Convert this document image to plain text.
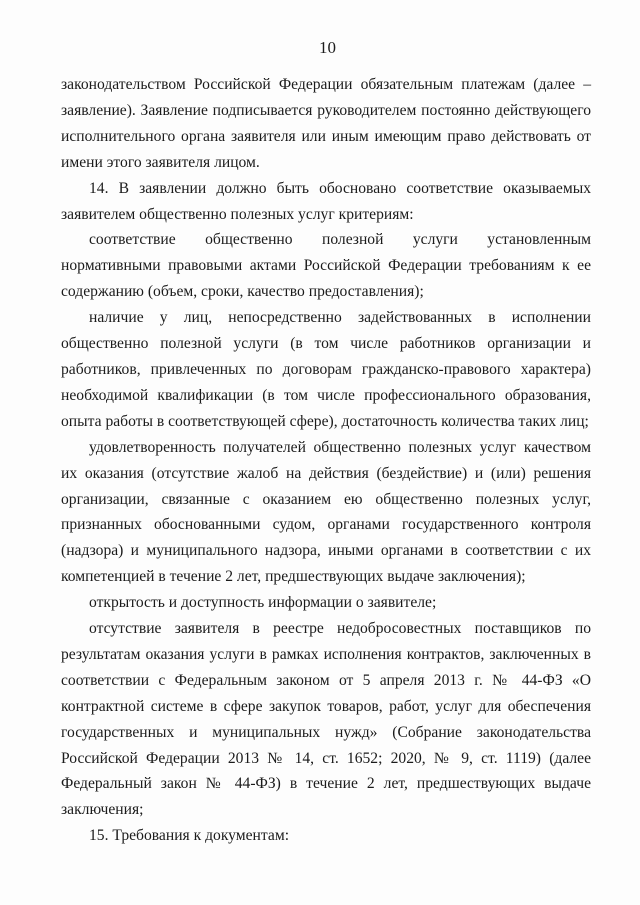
10

законодательством Российской Федерации обязательным платежам (далее – заявление). Заявление подписывается руководителем постоянно действующего исполнительного органа заявителя или иным имеющим право действовать от имени этого заявителя лицом.

14. В заявлении должно быть обосновано соответствие оказываемых заявителем общественно полезных услуг критериям:

соответствие общественно полезной услуги установленным нормативными правовыми актами Российской Федерации требованиям к ее содержанию (объем, сроки, качество предоставления);

наличие у лиц, непосредственно задействованных в исполнении общественно полезной услуги (в том числе работников организации и работников, привлеченных по договорам гражданско-правового характера) необходимой квалификации (в том числе профессионального образования, опыта работы в соответствующей сфере), достаточность количества таких лиц;

удовлетворенность получателей общественно полезных услуг качеством их оказания (отсутствие жалоб на действия (бездействие) и (или) решения организации, связанные с оказанием ею общественно полезных услуг, признанных обоснованными судом, органами государственного контроля (надзора) и муниципального надзора, иными органами в соответствии с их компетенцией в течение 2 лет, предшествующих выдаче заключения);

открытость и доступность информации о заявителе;

отсутствие заявителя в реестре недобросовестных поставщиков по результатам оказания услуги в рамках исполнения контрактов, заключенных в соответствии с Федеральным законом от 5 апреля 2013 г. № 44-ФЗ «О контрактной системе в сфере закупок товаров, работ, услуг для обеспечения государственных и муниципальных нужд» (Собрание законодательства Российской Федерации 2013 № 14, ст. 1652; 2020, № 9, ст. 1119) (далее Федеральный закон № 44-ФЗ) в течение 2 лет, предшествующих выдаче заключения;

15. Требования к документам:
